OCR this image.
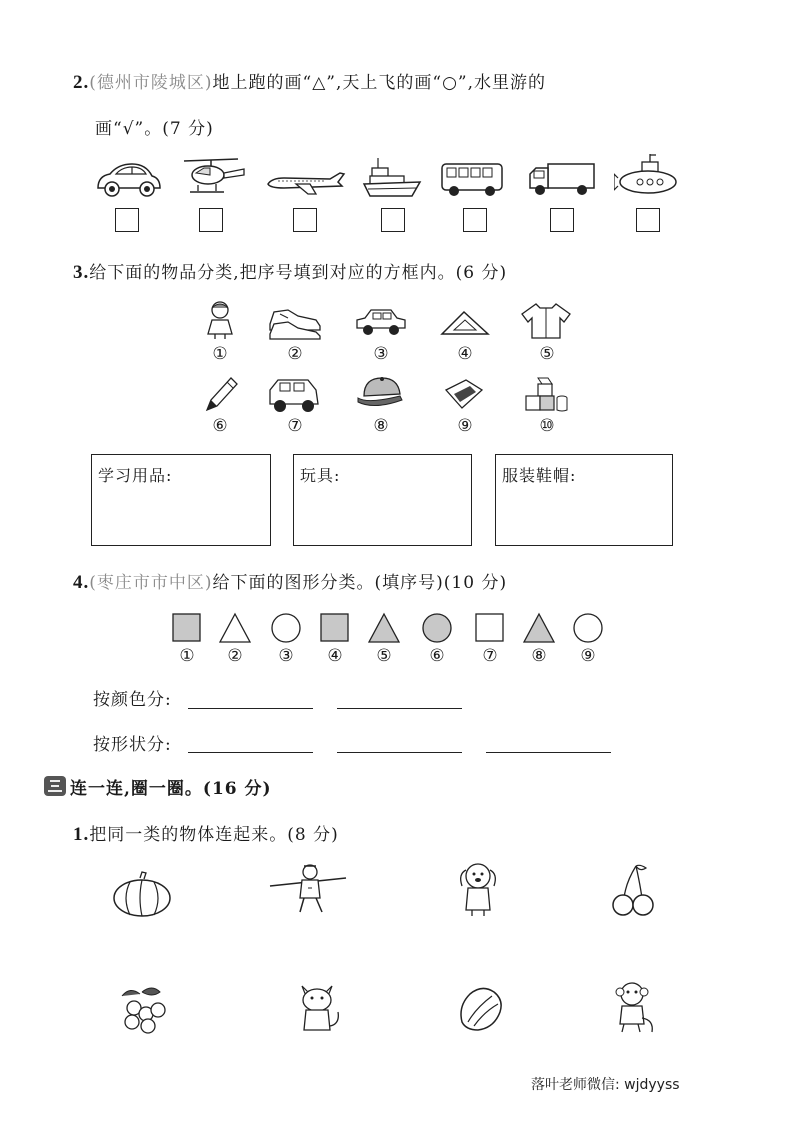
2.(德州市陵城区)地上跑的画“△”,天上飞的画“○”,水里游的
画“√”。(7 分)
3.给下面的物品分类,把序号填到对应的方框内。(6 分)
①	②	③	④	⑤
⑥	⑦	⑧	⑨	⑩
学习用品:	玩具:	服装鞋帽:
4.(枣庄市市中区)给下面的图形分类。(填序号)(10 分)
①	②	③	④	⑤	⑥	⑦	⑧	⑨
按颜色分:
按形状分:
连一连,圈一圈。(16 分)
1.把同一类的物体连起来。(8 分)
落叶老师微信: wjdyyss
